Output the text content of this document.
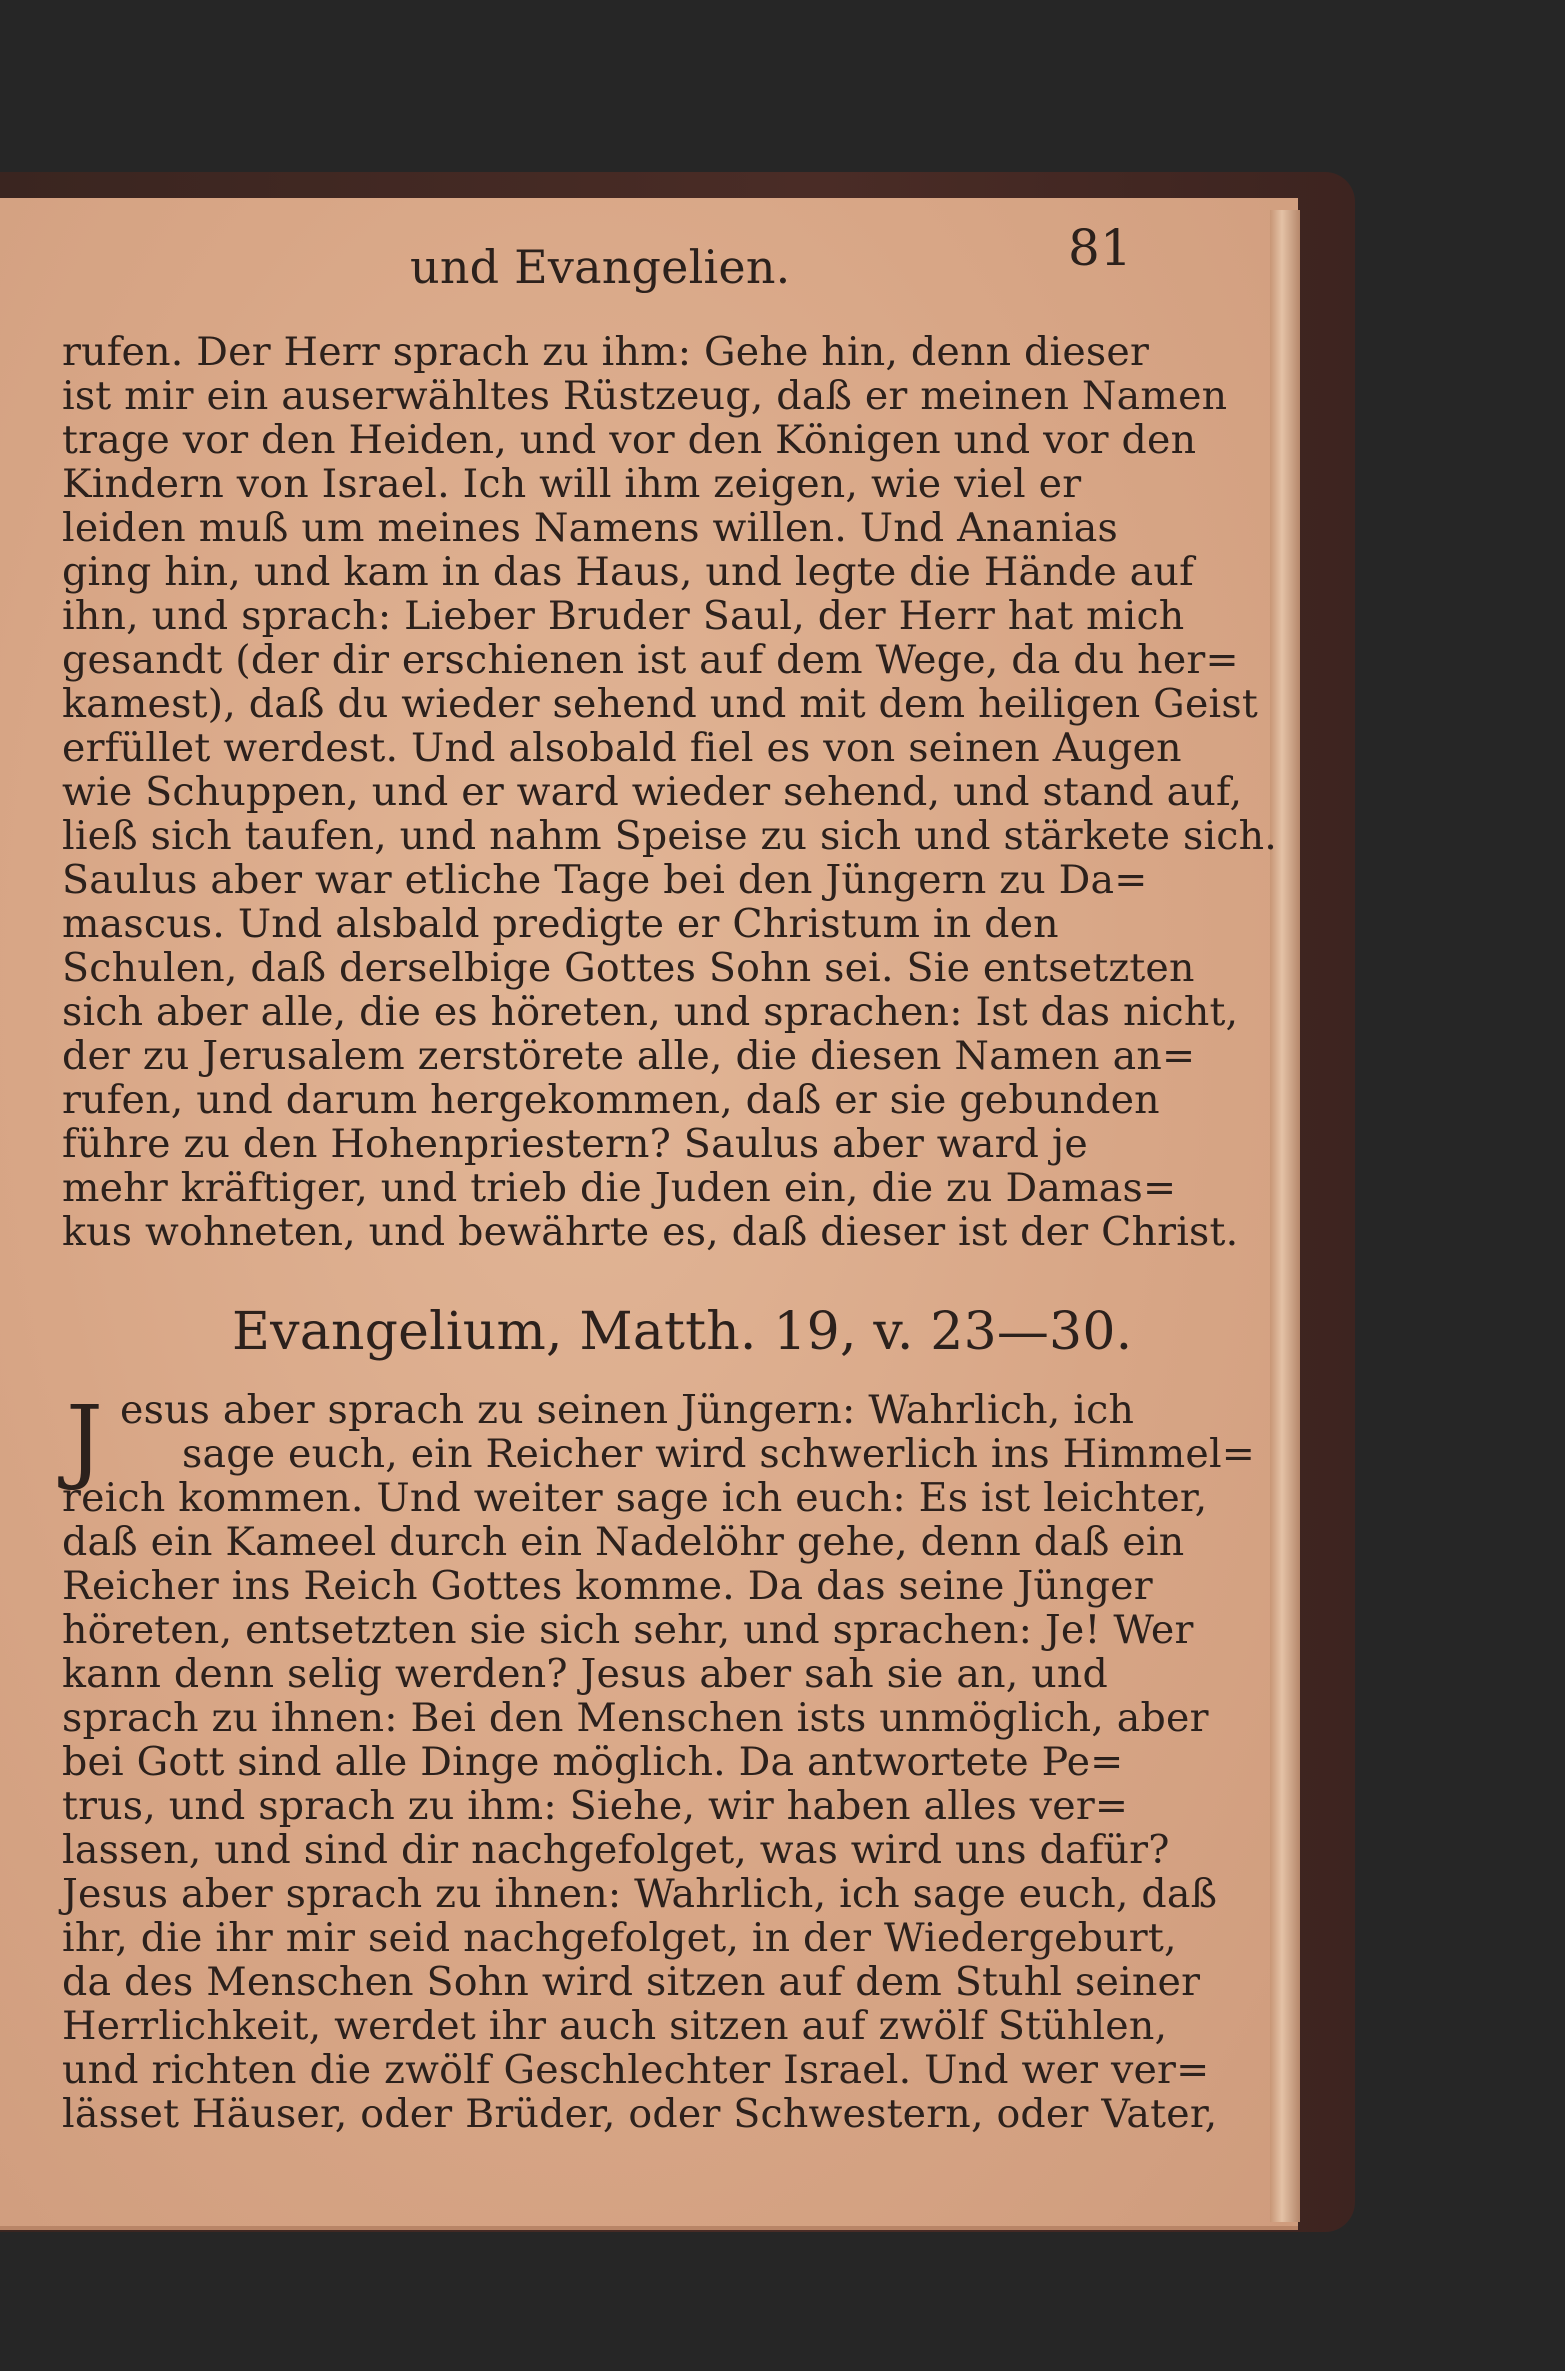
und Evangelien.	81
rufen. Der Herr sprach zu ihm: Gehe hin, denn dieser
ist mir ein auserwähltes Rüstzeug, daß er meinen Namen
trage vor den Heiden, und vor den Königen und vor den
Kindern von Israel. Ich will ihm zeigen, wie viel er
leiden muß um meines Namens willen. Und Ananias
ging hin, und kam in das Haus, und legte die Hände auf
ihn, und sprach: Lieber Bruder Saul, der Herr hat mich
gesandt (der dir erschienen ist auf dem Wege, da du her=
kamest), daß du wieder sehend und mit dem heiligen Geist
erfüllet werdest. Und alsobald fiel es von seinen Augen
wie Schuppen, und er ward wieder sehend, und stand auf,
ließ sich taufen, und nahm Speise zu sich und stärkete sich.
Saulus aber war etliche Tage bei den Jüngern zu Da=
mascus. Und alsbald predigte er Christum in den
Schulen, daß derselbige Gottes Sohn sei. Sie entsetzten
sich aber alle, die es höreten, und sprachen: Ist das nicht,
der zu Jerusalem zerstörete alle, die diesen Namen an=
rufen, und darum hergekommen, daß er sie gebunden
führe zu den Hohenpriestern? Saulus aber ward je
mehr kräftiger, und trieb die Juden ein, die zu Damas=
kus wohneten, und bewährte es, daß dieser ist der Christ.
Evangelium, Matth. 19, v. 23—30.
J esus aber sprach zu seinen Jüngern: Wahrlich, ich
sage euch, ein Reicher wird schwerlich ins Himmel=
reich kommen. Und weiter sage ich euch: Es ist leichter,
daß ein Kameel durch ein Nadelöhr gehe, denn daß ein
Reicher ins Reich Gottes komme. Da das seine Jünger
höreten, entsetzten sie sich sehr, und sprachen: Je! Wer
kann denn selig werden? Jesus aber sah sie an, und
sprach zu ihnen: Bei den Menschen ists unmöglich, aber
bei Gott sind alle Dinge möglich. Da antwortete Pe=
trus, und sprach zu ihm: Siehe, wir haben alles ver=
lassen, und sind dir nachgefolget, was wird uns dafür?
Jesus aber sprach zu ihnen: Wahrlich, ich sage euch, daß
ihr, die ihr mir seid nachgefolget, in der Wiedergeburt,
da des Menschen Sohn wird sitzen auf dem Stuhl seiner
Herrlichkeit, werdet ihr auch sitzen auf zwölf Stühlen,
und richten die zwölf Geschlechter Israel. Und wer ver=
lässet Häuser, oder Brüder, oder Schwestern, oder Vater,
